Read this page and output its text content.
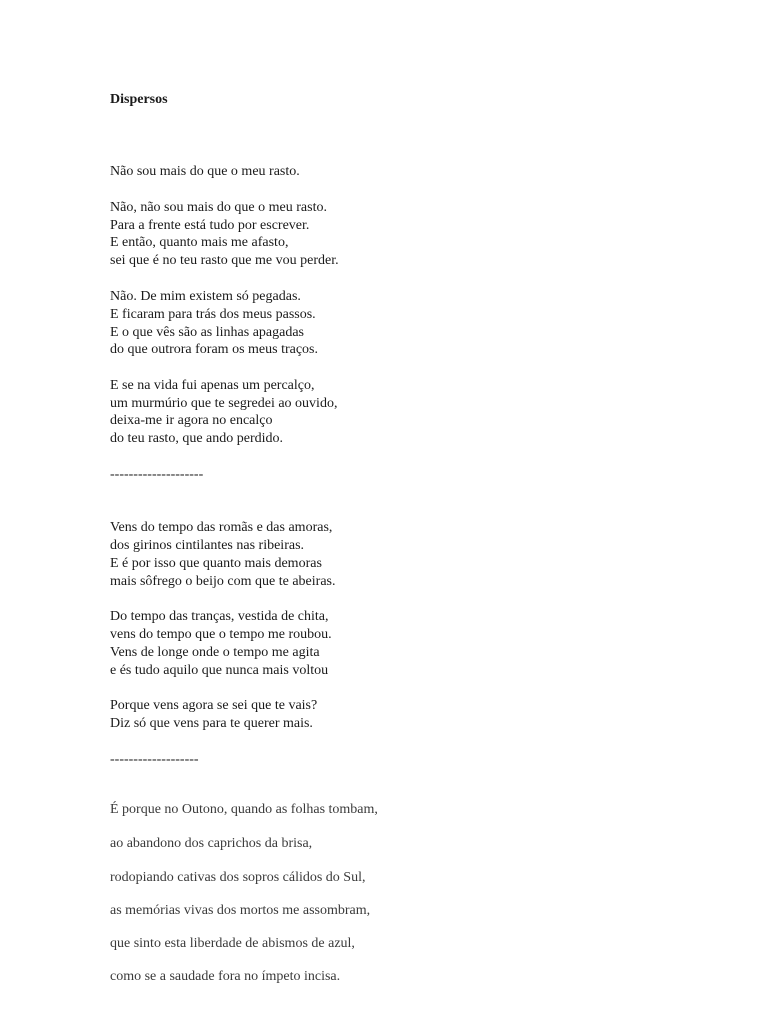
Dispersos
Não sou mais do que o meu rasto.
Não, não sou mais do que o meu rasto.
Para a frente está tudo por escrever.
E então, quanto mais me afasto,
sei que é no teu rasto que me vou perder.
Não. De mim existem só pegadas.
E ficaram para trás dos meus passos.
E o que vês são as linhas apagadas
do que outrora foram os meus traços.
E se na vida fui apenas um percalço,
um murmúrio que te segredei ao ouvido,
deixa-me ir agora no encalço
do teu rasto, que ando perdido.
--------------------
Vens do tempo das romãs e das amoras,
dos girinos cintilantes nas ribeiras.
E é por isso que quanto mais demoras
mais sôfrego o beijo com que te abeiras.
Do tempo das tranças, vestida de chita,
vens do tempo que o tempo me roubou.
Vens de longe onde o tempo me agita
e és tudo aquilo que nunca mais voltou
Porque vens agora se sei que te vais?
Diz só que vens para te querer mais.
-------------------
É porque no Outono, quando as folhas tombam,
ao abandono dos caprichos da brisa,
rodopiando cativas dos sopros cálidos do Sul,
as memórias vivas dos mortos me assombram,
que sinto esta liberdade de abismos de azul,
como se a saudade fora no ímpeto incisa.
